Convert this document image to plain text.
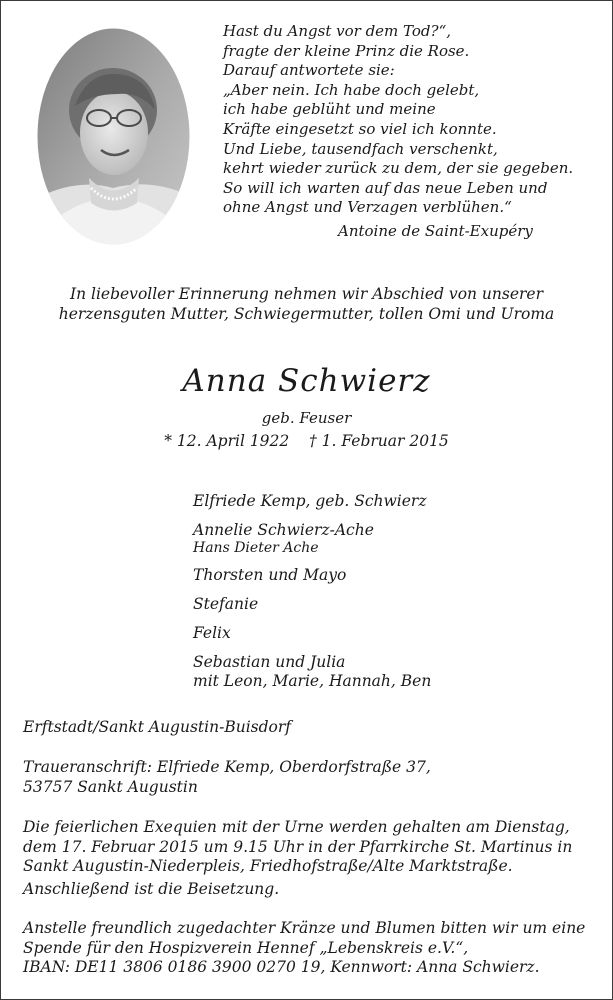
Hast du Angst vor dem Tod?“,
fragte der kleine Prinz die Rose.
Darauf antwortete sie:
„Aber nein. Ich habe doch gelebt,
ich habe geblüht und meine
Kräfte eingesetzt so viel ich konnte.
Und Liebe, tausendfach verschenkt,
kehrt wieder zurück zu dem, der sie gegeben.
So will ich warten auf das neue Leben und
ohne Angst und Verzagen verblühen.“
Antoine de Saint-Exupéry
In liebevoller Erinnerung nehmen wir Abschied von unserer
herzensguten Mutter, Schwiegermutter, tollen Omi und Uroma
Anna Schwierz
geb. Feuser
* 12. April 1922    † 1. Februar 2015
Elfriede Kemp, geb. Schwierz
Annelie Schwierz-Ache
Hans Dieter Ache
Thorsten und Mayo
Stefanie
Felix
Sebastian und Julia
mit Leon, Marie, Hannah, Ben
Erftstadt/Sankt Augustin-Buisdorf
Traueranschrift: Elfriede Kemp, Oberdorfstraße 37,
53757 Sankt Augustin
Die feierlichen Exequien mit der Urne werden gehalten am Dienstag,
dem 17. Februar 2015 um 9.15 Uhr in der Pfarrkirche St. Martinus in
Sankt Augustin-Niederpleis, Friedhofstraße/Alte Marktstraße.
Anschließend ist die Beisetzung.
Anstelle freundlich zugedachter Kränze und Blumen bitten wir um eine
Spende für den Hospizverein Hennef „Lebenskreis e.V.“,
IBAN: DE11 3806 0186 3900 0270 19, Kennwort: Anna Schwierz.
